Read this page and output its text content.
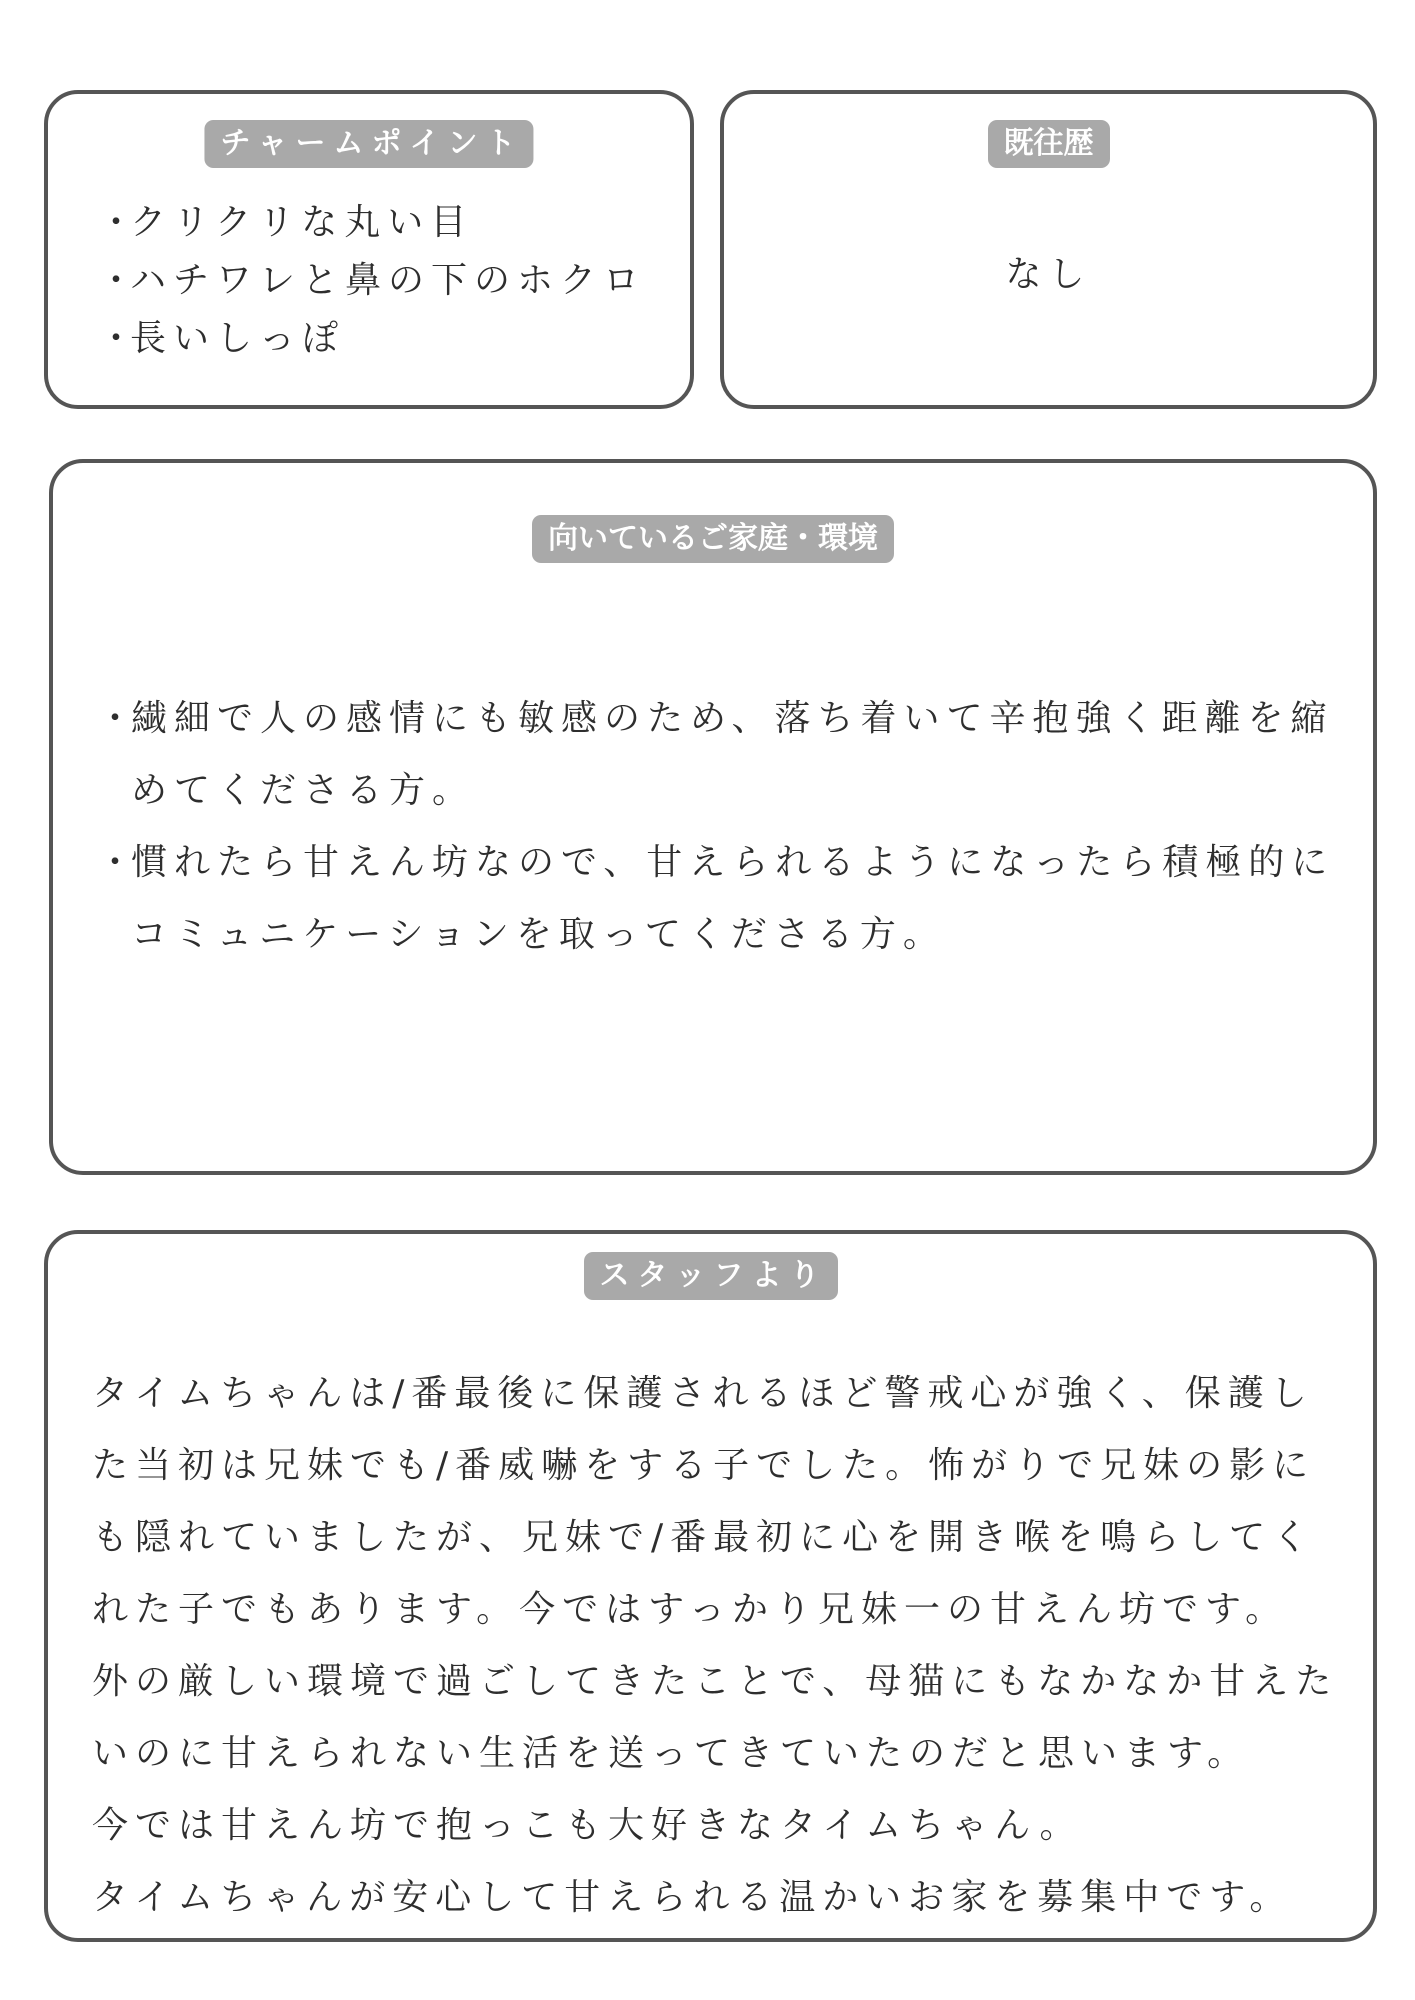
チャームポイント
・
クリクリな丸い目
・
ハチワレと鼻の下のホクロ
・
長いしっぽ
既往歴
なし
向いているご家庭・環境
・
繊細で人の感情にも敏感のため、落ち着いて辛抱強く距離を縮めてくださる方。
・
慣れたら甘えん坊なので、甘えられるようになったら積極的にコミュニケーションを取ってくださる方。
スタッフより
タイムちゃんは/番最後に保護されるほど警戒心が強く、保護し
た当初は兄妹でも/番威嚇をする子でした。怖がりで兄妹の影に
も隠れていましたが、兄妹で/番最初に心を開き喉を鳴らしてく
れた子でもあります。今ではすっかり兄妹一の甘えん坊です。
外の厳しい環境で過ごしてきたことで、母猫にもなかなか甘えた
いのに甘えられない生活を送ってきていたのだと思います。
今では甘えん坊で抱っこも大好きなタイムちゃん。
タイムちゃんが安心して甘えられる温かいお家を募集中です。
